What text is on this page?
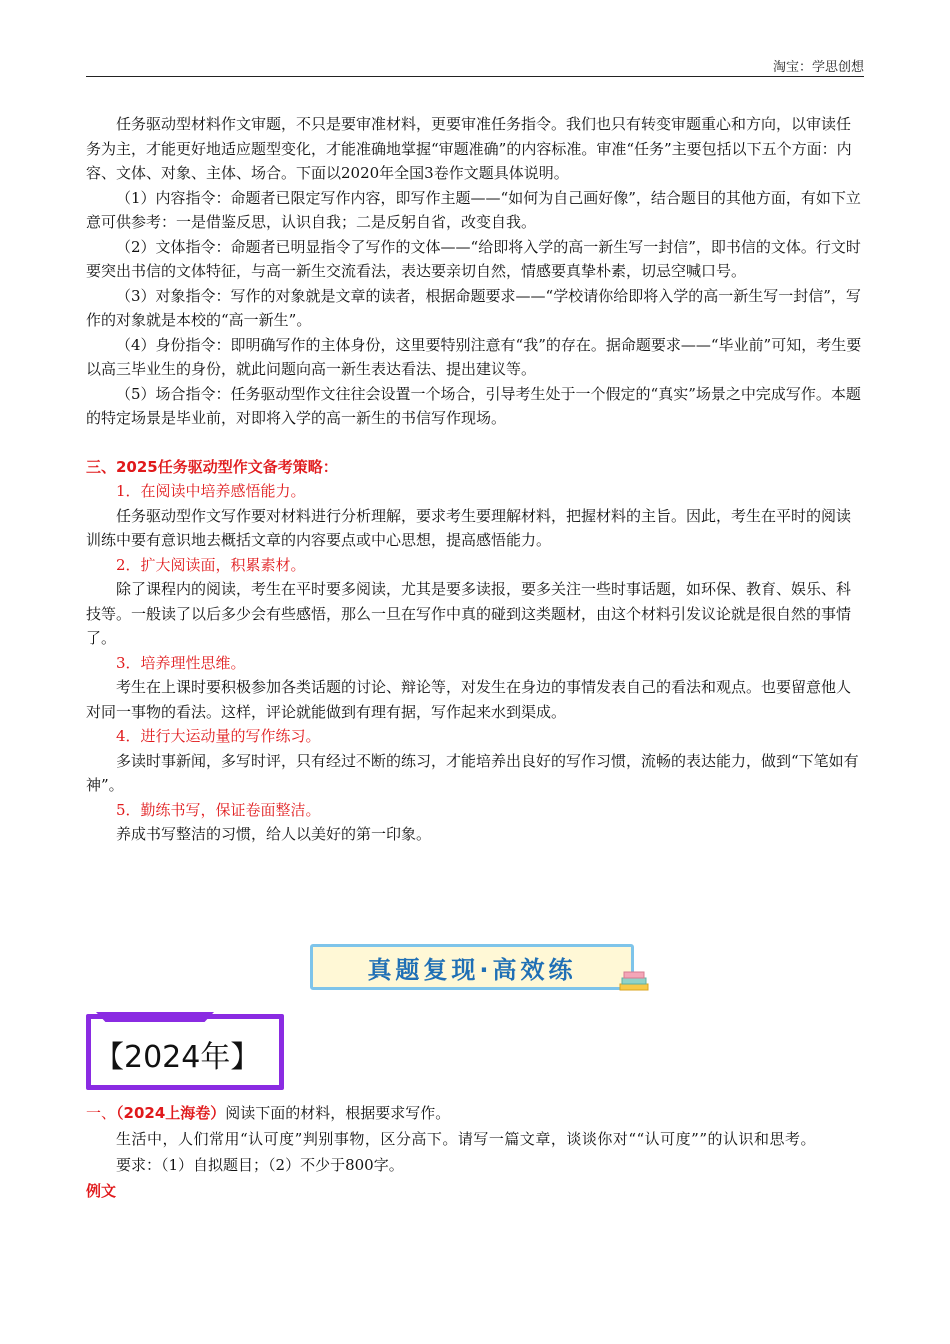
淘宝：学思创想

任务驱动型材料作文审题，不只是要审准材料，更要审准任务指令。我们也只有转变审题重心和方向，以审读任务为主，才能更好地适应题型变化，才能准确地掌握“审题准确”的内容标准。审准“任务”主要包括以下五个方面：内容、文体、对象、主体、场合。下面以2020年全国3卷作文题具体说明。

（1）内容指令：命题者已限定写作内容，即写作主题——“如何为自己画好像”，结合题目的其他方面，有如下立意可供参考：一是借鉴反思，认识自我；二是反躬自省，改变自我。

（2）文体指令：命题者已明显指令了写作的文体——“给即将入学的高一新生写一封信”，即书信的文体。行文时要突出书信的文体特征，与高一新生交流看法，表达要亲切自然，情感要真挚朴素，切忌空喊口号。

（3）对象指令：写作的对象就是文章的读者，根据命题要求——“学校请你给即将入学的高一新生写一封信”，写作的对象就是本校的“高一新生”。

（4）身份指令：即明确写作的主体身份，这里要特别注意有“我”的存在。据命题要求——“毕业前”可知，考生要以高三毕业生的身份，就此问题向高一新生表达看法、提出建议等。

（5）场合指令：任务驱动型作文往往会设置一个场合，引导考生处于一个假定的“真实”场景之中完成写作。本题的特定场景是毕业前，对即将入学的高一新生的书信写作现场。

三、2025任务驱动型作文备考策略：

1．在阅读中培养感悟能力。

任务驱动型作文写作要对材料进行分析理解，要求考生要理解材料，把握材料的主旨。因此，考生在平时的阅读训练中要有意识地去概括文章的内容要点或中心思想，提高感悟能力。

2．扩大阅读面，积累素材。

除了课程内的阅读，考生在平时要多阅读，尤其是要多读报，要多关注一些时事话题，如环保、教育、娱乐、科技等。一般读了以后多少会有些感悟，那么一旦在写作中真的碰到这类题材，由这个材料引发议论就是很自然的事情了。

3．培养理性思维。

考生在上课时要积极参加各类话题的讨论、辩论等，对发生在身边的事情发表自己的看法和观点。也要留意他人对同一事物的看法。这样，评论就能做到有理有据，写作起来水到渠成。

4．进行大运动量的写作练习。

多读时事新闻，多写时评，只有经过不断的练习，才能培养出良好的写作习惯，流畅的表达能力，做到“下笔如有神”。

5．勤练书写，保证卷面整洁。

养成书写整洁的习惯，给人以美好的第一印象。

真题复现·高效练
【2024年】

一、（2024上海卷）阅读下面的材料，根据要求写作。

生活中，人们常用“认可度”判别事物，区分高下。请写一篇文章，谈谈你对““认可度””的认识和思考。

要求：（1）自拟题目；（2）不少于800字。

例文
